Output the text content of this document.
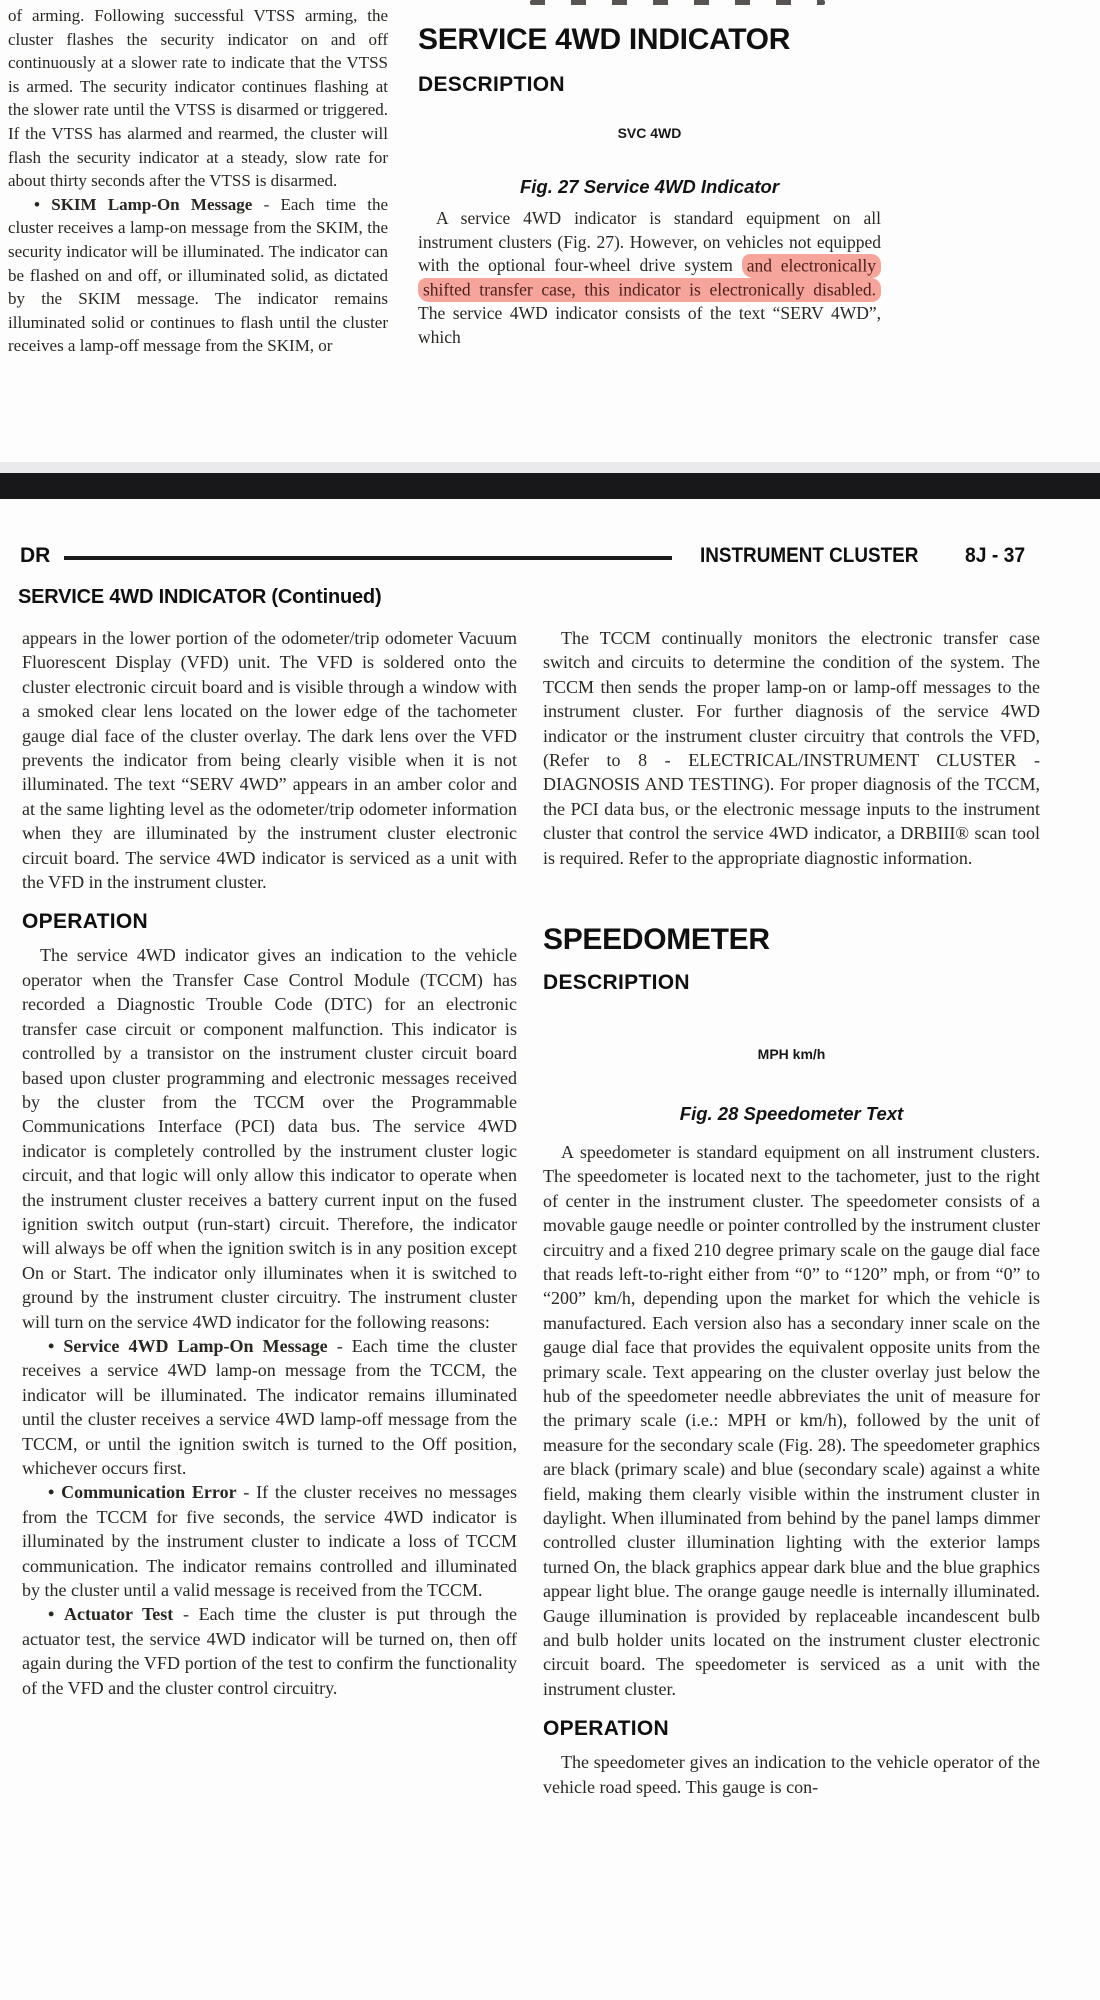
of arming. Following successful VTSS arming, the cluster flashes the security indicator on and off continuously at a slower rate to indicate that the VTSS is armed. The security indicator continues flashing at the slower rate until the VTSS is disarmed or triggered. If the VTSS has alarmed and rearmed, the cluster will flash the security indicator at a steady, slow rate for about thirty seconds after the VTSS is disarmed.

• SKIM Lamp-On Message - Each time the cluster receives a lamp-on message from the SKIM, the security indicator will be illuminated. The indicator can be flashed on and off, or illuminated solid, as dictated by the SKIM message. The indicator remains illuminated solid or continues to flash until the cluster receives a lamp-off message from the SKIM, or

SERVICE 4WD INDICATOR
DESCRIPTION
SVC 4WD
Fig. 27 Service 4WD Indicator

A service 4WD indicator is standard equipment on all instrument clusters (Fig. 27). However, on vehicles not equipped with the optional four-wheel drive system and electronically shifted transfer case, this indicator is electronically disabled. The service 4WD indicator consists of the text “SERV 4WD”, which

DR	INSTRUMENT CLUSTER 8J - 37
SERVICE 4WD INDICATOR (Continued)

appears in the lower portion of the odometer/trip odometer Vacuum Fluorescent Display (VFD) unit. The VFD is soldered onto the cluster electronic circuit board and is visible through a window with a smoked clear lens located on the lower edge of the tachometer gauge dial face of the cluster overlay. The dark lens over the VFD prevents the indicator from being clearly visible when it is not illuminated. The text “SERV 4WD” appears in an amber color and at the same lighting level as the odometer/trip odometer information when they are illuminated by the instrument cluster electronic circuit board. The service 4WD indicator is serviced as a unit with the VFD in the instrument cluster.

OPERATION

The service 4WD indicator gives an indication to the vehicle operator when the Transfer Case Control Module (TCCM) has recorded a Diagnostic Trouble Code (DTC) for an electronic transfer case circuit or component malfunction. This indicator is controlled by a transistor on the instrument cluster circuit board based upon cluster programming and electronic messages received by the cluster from the TCCM over the Programmable Communications Interface (PCI) data bus. The service 4WD indicator is completely controlled by the instrument cluster logic circuit, and that logic will only allow this indicator to operate when the instrument cluster receives a battery current input on the fused ignition switch output (run-start) circuit. Therefore, the indicator will always be off when the ignition switch is in any position except On or Start. The indicator only illuminates when it is switched to ground by the instrument cluster circuitry. The instrument cluster will turn on the service 4WD indicator for the following reasons:

• Service 4WD Lamp-On Message - Each time the cluster receives a service 4WD lamp-on message from the TCCM, the indicator will be illuminated. The indicator remains illuminated until the cluster receives a service 4WD lamp-off message from the TCCM, or until the ignition switch is turned to the Off position, whichever occurs first.

• Communication Error - If the cluster receives no messages from the TCCM for five seconds, the service 4WD indicator is illuminated by the instrument cluster to indicate a loss of TCCM communication. The indicator remains controlled and illuminated by the cluster until a valid message is received from the TCCM.

• Actuator Test - Each time the cluster is put through the actuator test, the service 4WD indicator will be turned on, then off again during the VFD portion of the test to confirm the functionality of the VFD and the cluster control circuitry.

The TCCM continually monitors the electronic transfer case switch and circuits to determine the condition of the system. The TCCM then sends the proper lamp-on or lamp-off messages to the instrument cluster. For further diagnosis of the service 4WD indicator or the instrument cluster circuitry that controls the VFD, (Refer to 8 - ELECTRICAL/INSTRUMENT CLUSTER - DIAGNOSIS AND TESTING). For proper diagnosis of the TCCM, the PCI data bus, or the electronic message inputs to the instrument cluster that control the service 4WD indicator, a DRBIII® scan tool is required. Refer to the appropriate diagnostic information.

SPEEDOMETER
DESCRIPTION
MPH km/h
Fig. 28 Speedometer Text

A speedometer is standard equipment on all instrument clusters. The speedometer is located next to the tachometer, just to the right of center in the instrument cluster. The speedometer consists of a movable gauge needle or pointer controlled by the instrument cluster circuitry and a fixed 210 degree primary scale on the gauge dial face that reads left-to-right either from “0” to “120” mph, or from “0” to “200” km/h, depending upon the market for which the vehicle is manufactured. Each version also has a secondary inner scale on the gauge dial face that provides the equivalent opposite units from the primary scale. Text appearing on the cluster overlay just below the hub of the speedometer needle abbreviates the unit of measure for the primary scale (i.e.: MPH or km/h), followed by the unit of measure for the secondary scale (Fig. 28). The speedometer graphics are black (primary scale) and blue (secondary scale) against a white field, making them clearly visible within the instrument cluster in daylight. When illuminated from behind by the panel lamps dimmer controlled cluster illumination lighting with the exterior lamps turned On, the black graphics appear dark blue and the blue graphics appear light blue. The orange gauge needle is internally illuminated. Gauge illumination is provided by replaceable incandescent bulb and bulb holder units located on the instrument cluster electronic circuit board. The speedometer is serviced as a unit with the instrument cluster.

OPERATION

The speedometer gives an indication to the vehicle operator of the vehicle road speed. This gauge is con-
